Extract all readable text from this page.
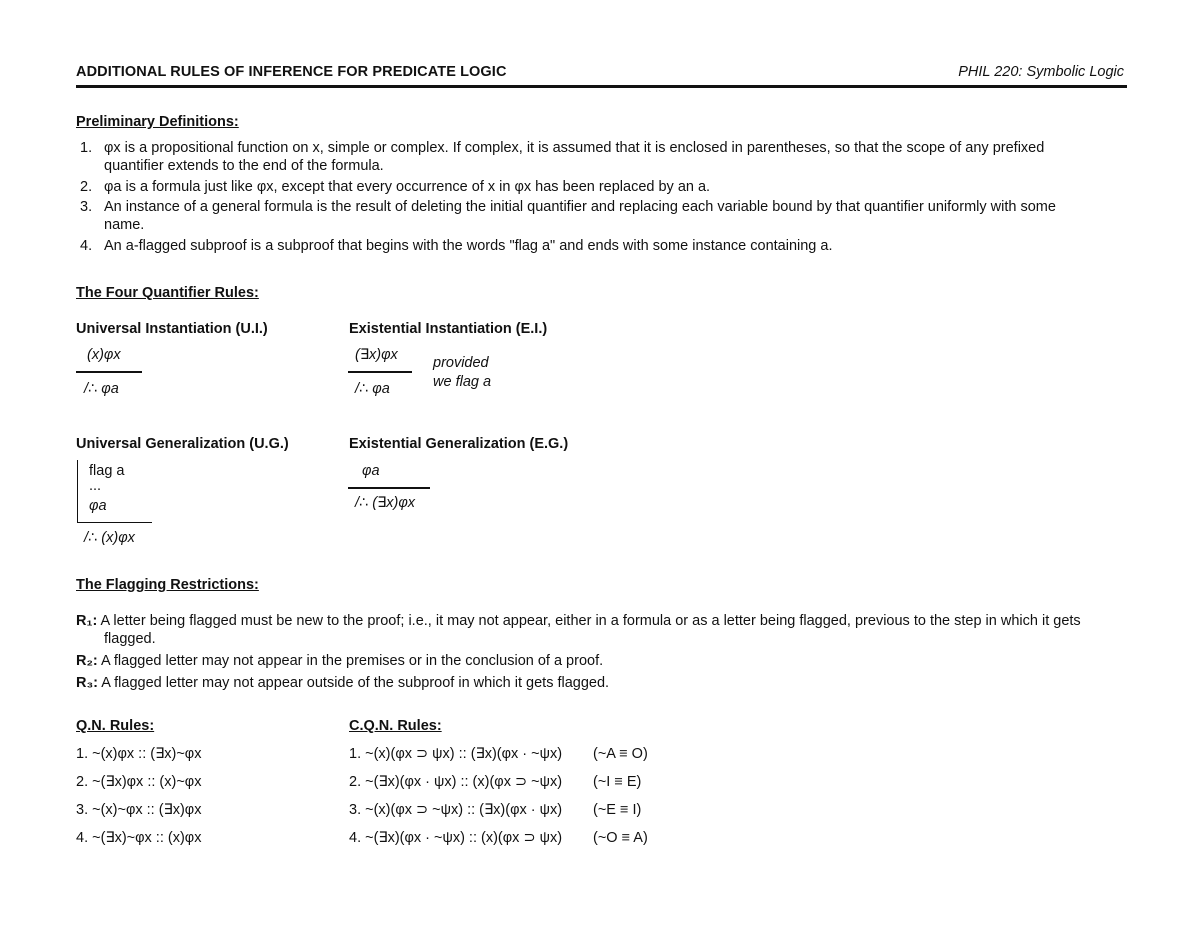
ADDITIONAL RULES OF INFERENCE FOR PREDICATE LOGIC	PHIL 220: Symbolic Logic
Preliminary Definitions:
1. φx is a propositional function on x, simple or complex. If complex, it is assumed that it is enclosed in parentheses, so that the scope of any prefixed
quantifier extends to the end of the formula.
2. φa is a formula just like φx, except that every occurrence of x in φx has been replaced by an a.
3. An instance of a general formula is the result of deleting the initial quantifier and replacing each variable bound by that quantifier uniformly with some
name.
4. An a-flagged subproof is a subproof that begins with the words "flag a" and ends with some instance containing a.
The Four Quantifier Rules:
Universal Instantiation (U.I.)
(x)φx
/∴ φa
Existential Instantiation (E.I.)
(∃x)φx
/∴ φa
provided
we flag a
Universal Generalization (U.G.)
flag a
...
φa
/∴ (x)φx
Existential Generalization (E.G.)
φa
/∴ (∃x)φx
The Flagging Restrictions:
R₁: A letter being flagged must be new to the proof; i.e., it may not appear, either in a formula or as a letter being flagged, previous to the step in which it gets
flagged.
R₂: A flagged letter may not appear in the premises or in the conclusion of a proof.
R₃: A flagged letter may not appear outside of the subproof in which it gets flagged.
Q.N. Rules:
1. ~(x)φx :: (∃x)~φx
2. ~(∃x)φx :: (x)~φx
3. ~(x)~φx :: (∃x)φx
4. ~(∃x)~φx :: (x)φx
C.Q.N. Rules:
1. ~(x)(φx ⊃ ψx) :: (∃x)(φx · ~ψx) (~A ≡ O)
2. ~(∃x)(φx · ψx) :: (x)(φx ⊃ ~ψx) (~I ≡ E)
3. ~(x)(φx ⊃ ~ψx) :: (∃x)(φx · ψx) (~E ≡ I)
4. ~(∃x)(φx · ~ψx) :: (x)(φx ⊃ ψx) (~O ≡ A)
